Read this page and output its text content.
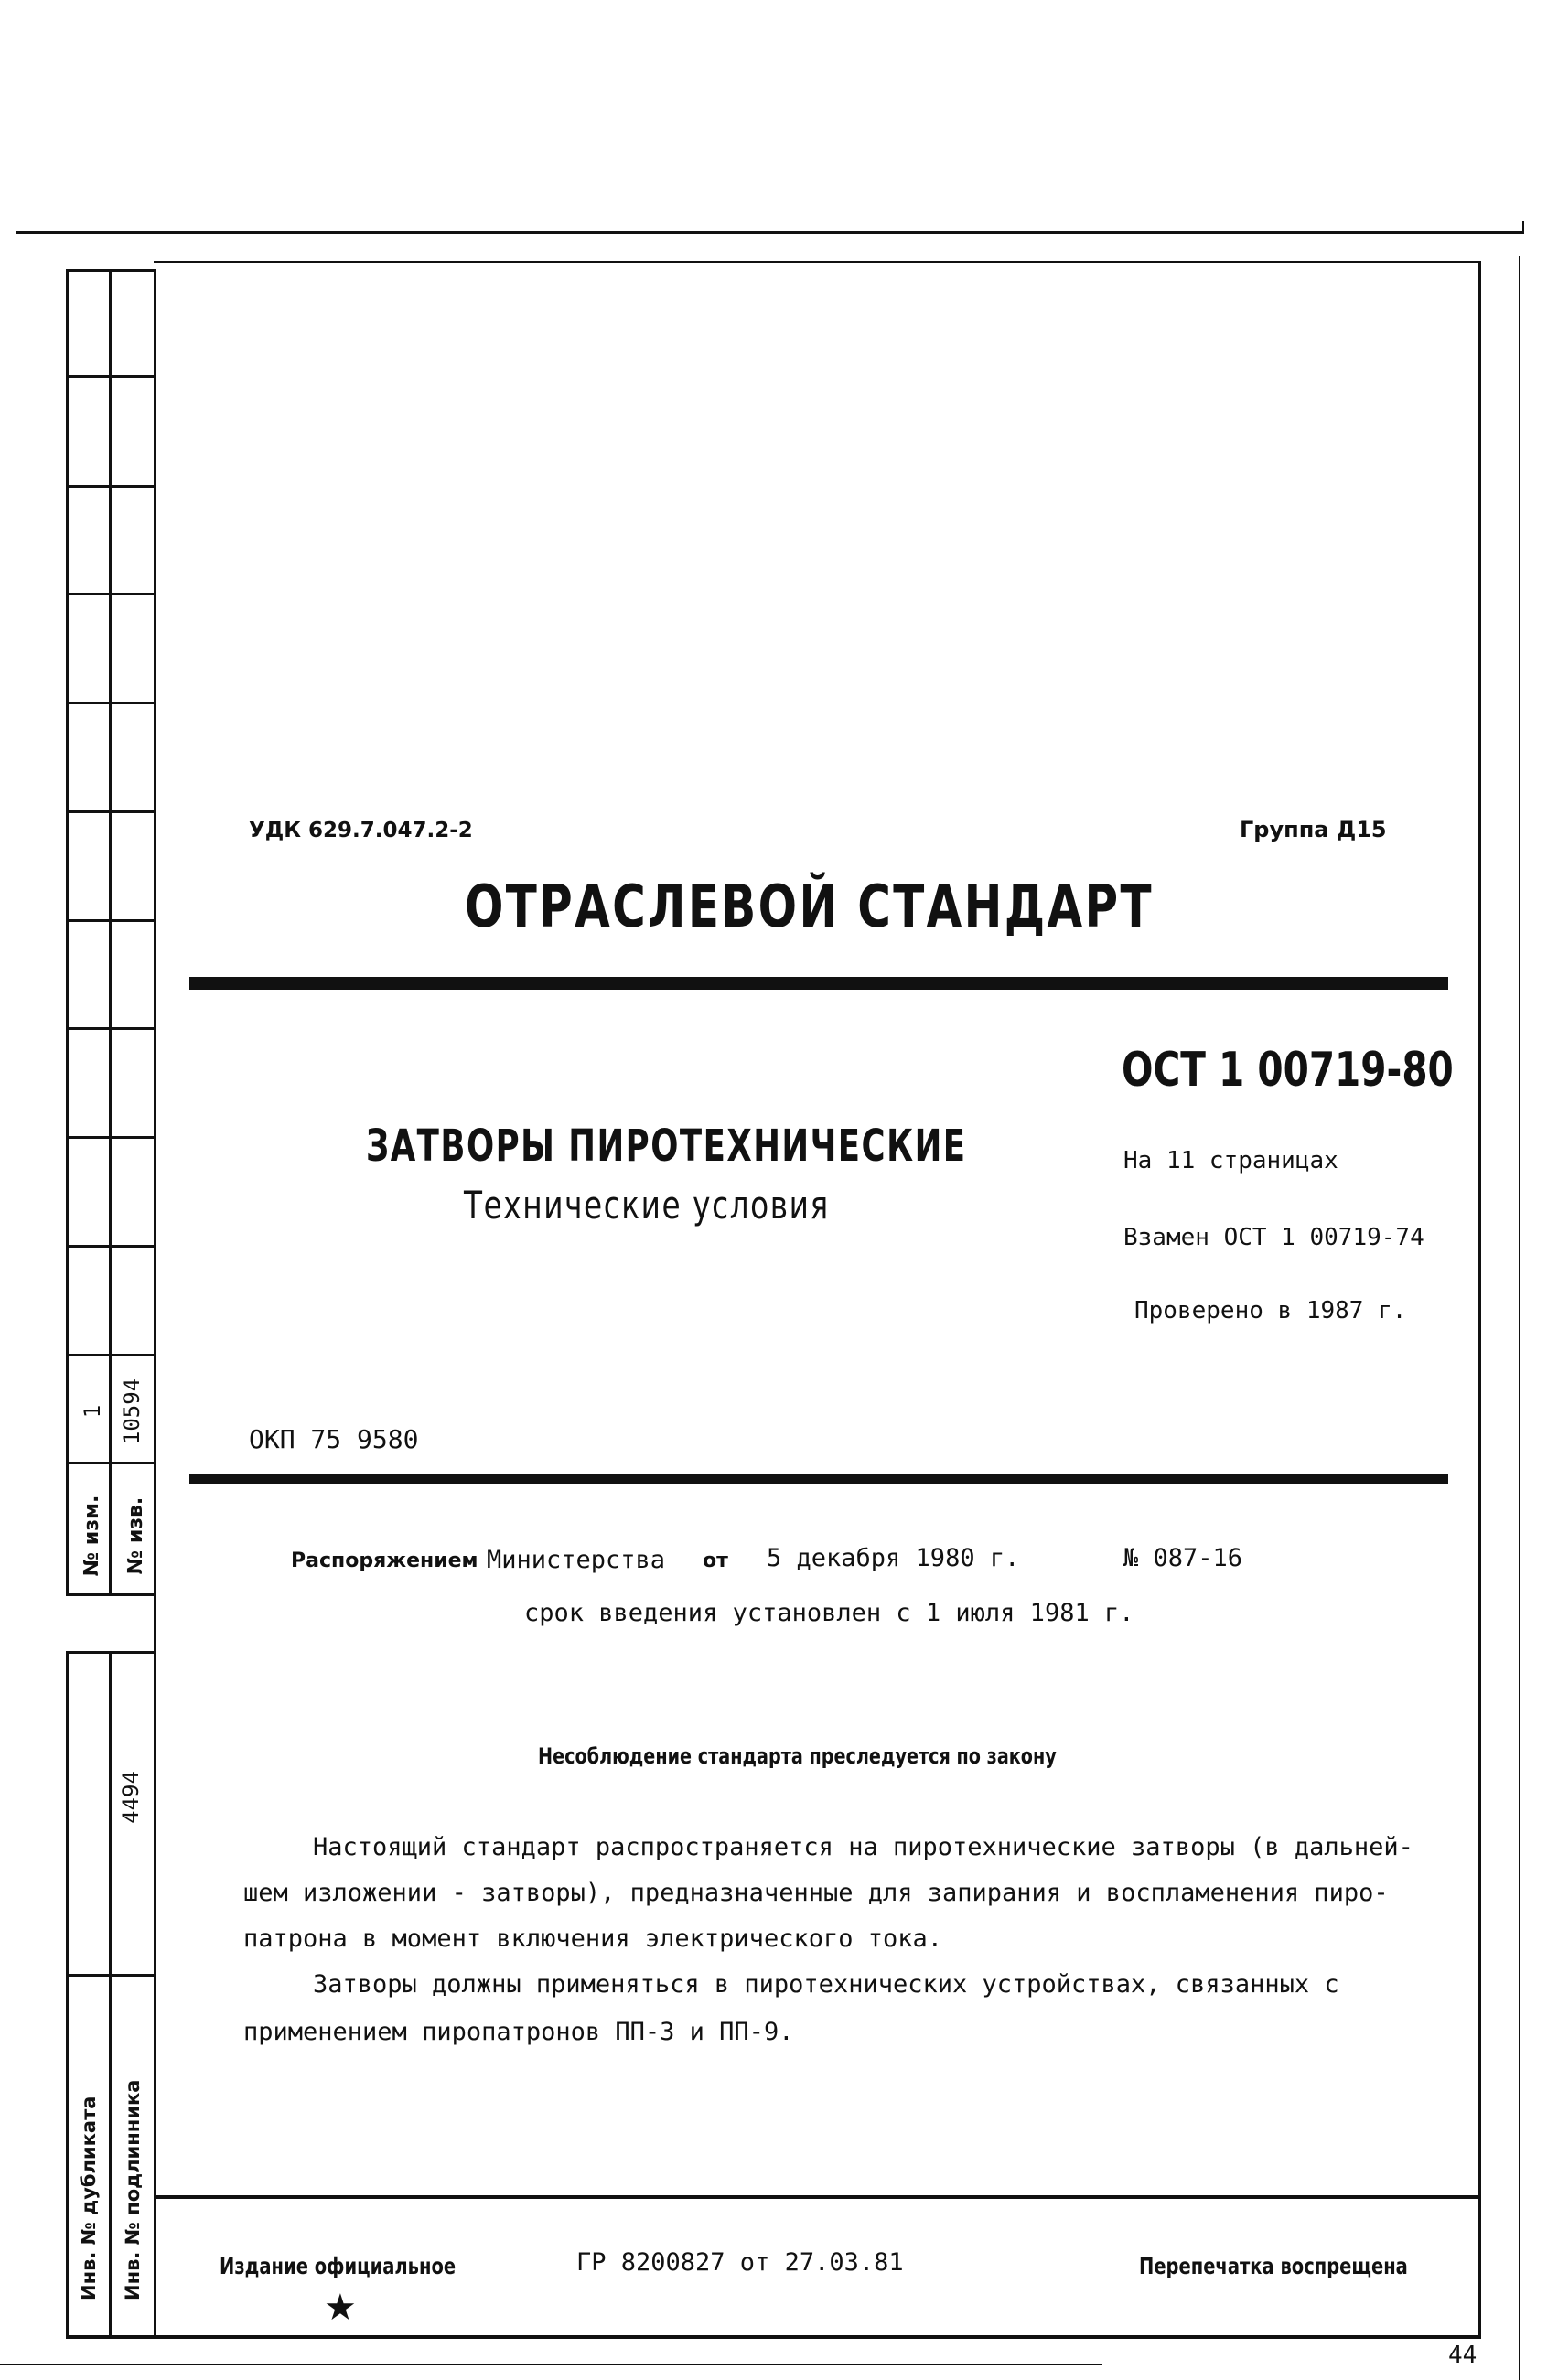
1 10594
№ изм. № изв.
4494
Инв. № дубликата Инв. № подлинника
УДК 629.7.047.2-2	Группа Д15
ОТРАСЛЕВОЙ СТАНДАРТ
ОСТ 1 00719-80
ЗАТВОРЫ ПИРОТЕХНИЧЕСКИЕ
Технические условия
На 11 страницах
Взамен ОСТ 1 00719-74
Проверено в 1987 г.
ОКП 75 9580
Распоряжением Министерства от 5 декабря 1980 г.	№ 087-16
срок введения установлен с 1 июля 1981 г.
Несоблюдение стандарта преследуется по закону
Настоящий стандарт распространяется на пиротехнические затворы (в дальней-
шем изложении - затворы), предназначенные для запирания и воспламенения пиро-
патрона в момент включения электрического тока.
Затворы должны применяться в пиротехнических устройствах, связанных с
применением пиропатронов ПП-3 и ПП-9.
Издание официальное	ГР 8200827 от 27.03.81	Перепечатка воспрещена
★
44
